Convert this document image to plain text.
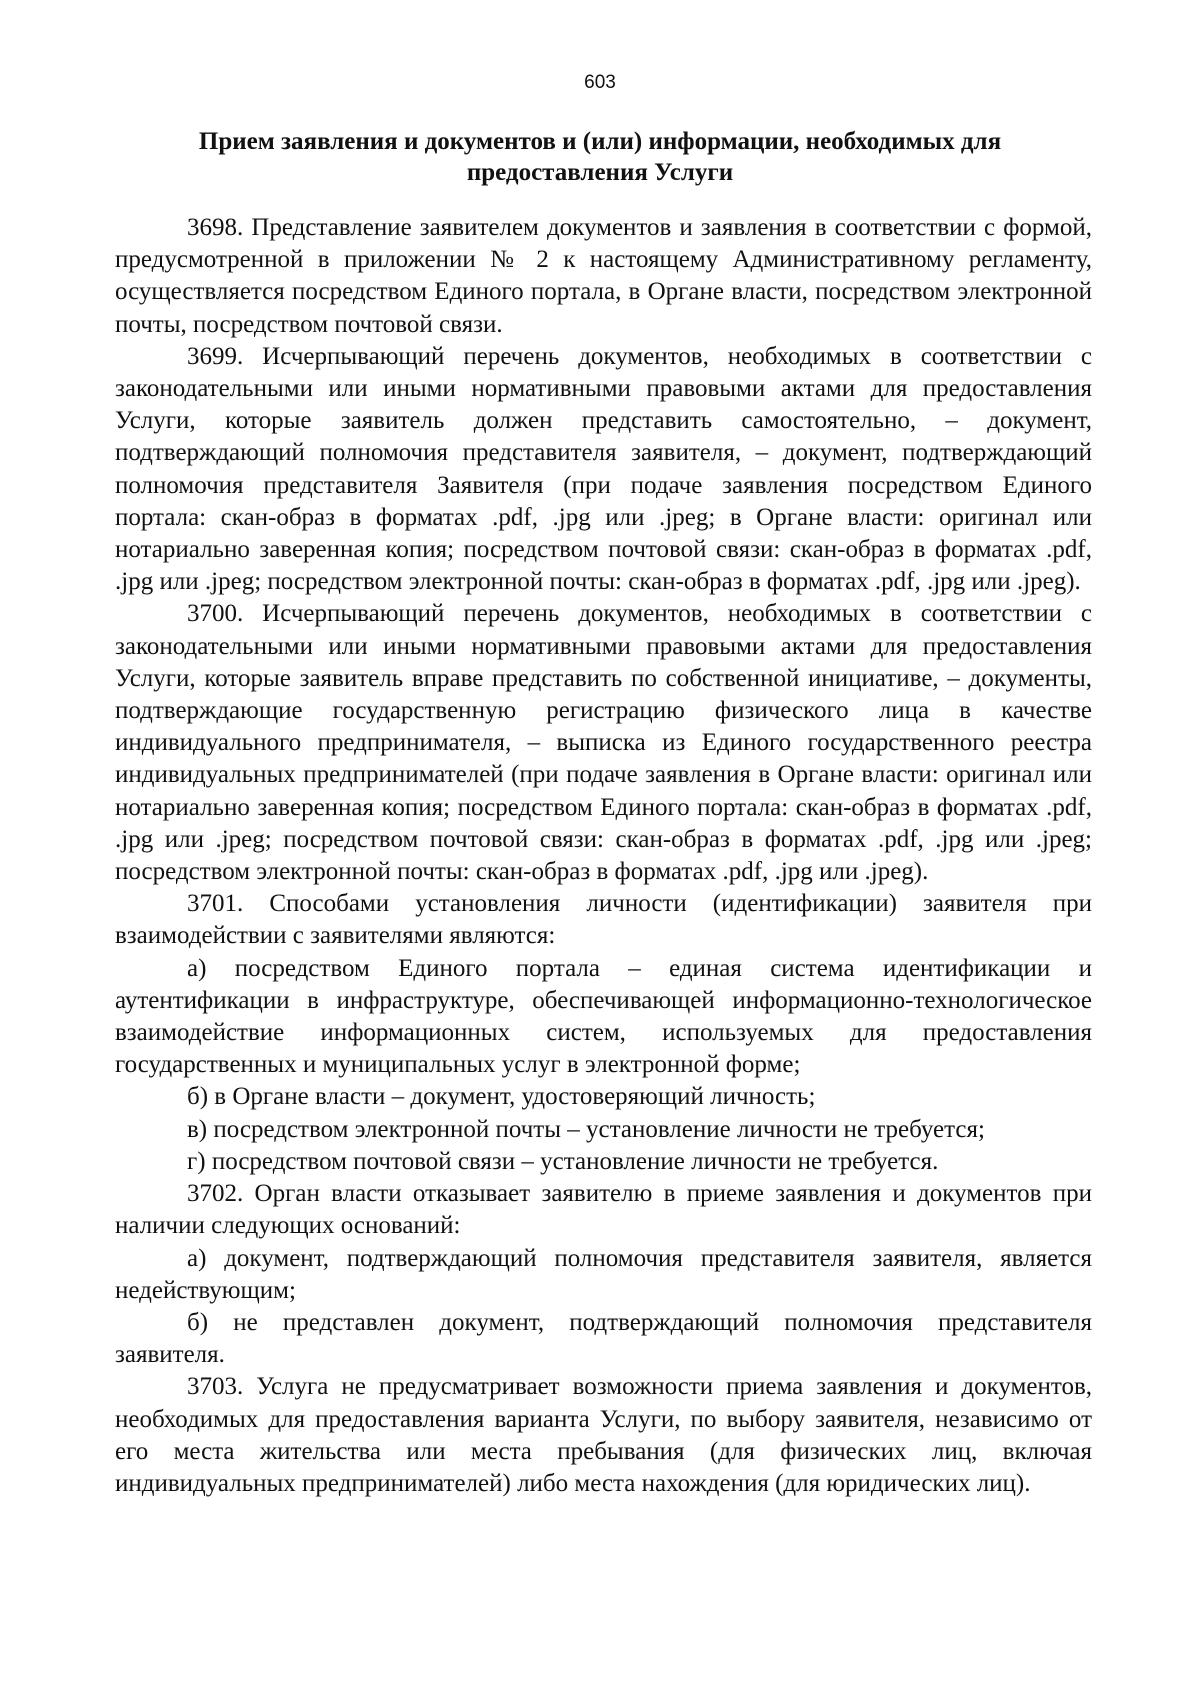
603
Прием заявления и документов и (или) информации, необходимых для
предоставления Услуги

3698. Представление заявителем документов и заявления в соответствии с формой, предусмотренной в приложении № 2 к настоящему Административному регламенту, осуществляется посредством Единого портала, в Органе власти, посредством электронной почты, посредством почтовой связи.

3699. Исчерпывающий перечень документов, необходимых в соответствии с законодательными или иными нормативными правовыми актами для предоставления Услуги, которые заявитель должен представить самостоятельно, – документ, подтверждающий полномочия представителя заявителя, – документ, подтверждающий полномочия представителя Заявителя (при подаче заявления посредством Единого портала: скан-образ в форматах .pdf, .jpg или .jpeg; в Органе власти: оригинал или нотариально заверенная копия; посредством почтовой связи: скан-образ в форматах .pdf, .jpg или .jpeg; посредством электронной почты: скан-образ в форматах .pdf, .jpg или .jpeg).

3700. Исчерпывающий перечень документов, необходимых в соответствии с законодательными или иными нормативными правовыми актами для предоставления Услуги, которые заявитель вправе представить по собственной инициативе, – документы, подтверждающие государственную регистрацию физического лица в качестве индивидуального предпринимателя, – выписка из Единого государственного реестра индивидуальных предпринимателей (при подаче заявления в Органе власти: оригинал или нотариально заверенная копия; посредством Единого портала: скан-образ в форматах .pdf, .jpg или .jpeg; посредством почтовой связи: скан-образ в форматах .pdf, .jpg или .jpeg; посредством электронной почты: скан-образ в форматах .pdf, .jpg или .jpeg).

3701. Способами установления личности (идентификации) заявителя при взаимодействии с заявителями являются:

а) посредством Единого портала – единая система идентификации и аутентификации в инфраструктуре, обеспечивающей информационно-технологическое взаимодействие информационных систем, используемых для предоставления государственных и муниципальных услуг в электронной форме;

б) в Органе власти – документ, удостоверяющий личность;

в) посредством электронной почты – установление личности не требуется;

г) посредством почтовой связи – установление личности не требуется.

3702. Орган власти отказывает заявителю в приеме заявления и документов при наличии следующих оснований:

а) документ, подтверждающий полномочия представителя заявителя, является недействующим;

б) не представлен документ, подтверждающий полномочия представителя заявителя.

3703. Услуга не предусматривает возможности приема заявления и документов, необходимых для предоставления варианта Услуги, по выбору заявителя, независимо от его места жительства или места пребывания (для физических лиц, включая индивидуальных предпринимателей) либо места нахождения (для юридических лиц).
